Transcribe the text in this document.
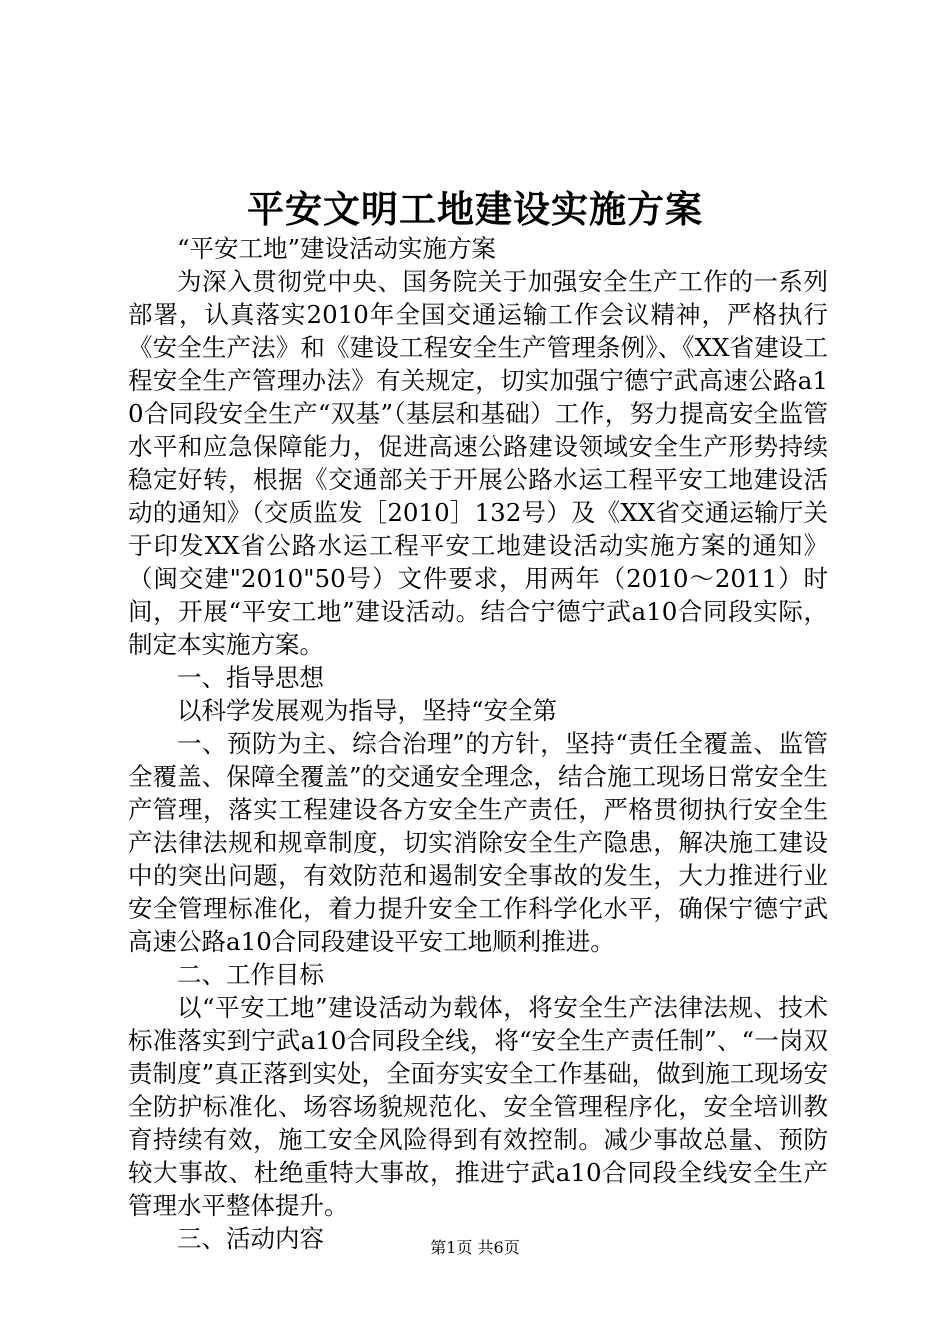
平安文明工地建设实施方案

“平安工地”建设活动实施方案

为深入贯彻党中央、国务院关于加强安全生产工作的一系列部署，认真落实2010年全国交通运输工作会议精神，严格执行《安全生产法》和《建设工程安全生产管理条例》、《XX省建设工程安全生产管理办法》有关规定，切实加强宁德宁武高速公路a10合同段安全生产“双基”（基层和基础）工作，努力提高安全监管水平和应急保障能力，促进高速公路建设领域安全生产形势持续稳定好转，根据《交通部关于开展公路水运工程平安工地建设活动的通知》（交质监发［2010］132号）及《XX省交通运输厅关于印发XX省公路水运工程平安工地建设活动实施方案的通知》（闽交建"2010"50号）文件要求，用两年（2010～2011）时间，开展“平安工地”建设活动。结合宁德宁武a10合同段实际，制定本实施方案。

一、指导思想

以科学发展观为指导，坚持“安全第

一、预防为主、综合治理”的方针，坚持“责任全覆盖、监管全覆盖、保障全覆盖”的交通安全理念，结合施工现场日常安全生产管理，落实工程建设各方安全生产责任，严格贯彻执行安全生产法律法规和规章制度，切实消除安全生产隐患，解决施工建设中的突出问题，有效防范和遏制安全事故的发生，大力推进行业安全管理标准化，着力提升安全工作科学化水平，确保宁德宁武高速公路a10合同段建设平安工地顺利推进。

二、工作目标

以“平安工地”建设活动为载体，将安全生产法律法规、技术标准落实到宁武a10合同段全线，将“安全生产责任制”、“一岗双责制度”真正落到实处，全面夯实安全工作基础，做到施工现场安全防护标准化、场容场貌规范化、安全管理程序化，安全培训教育持续有效，施工安全风险得到有效控制。减少事故总量、预防较大事故、杜绝重特大事故，推进宁武a10合同段全线安全生产管理水平整体提升。

三、活动内容	第1页 共6页
